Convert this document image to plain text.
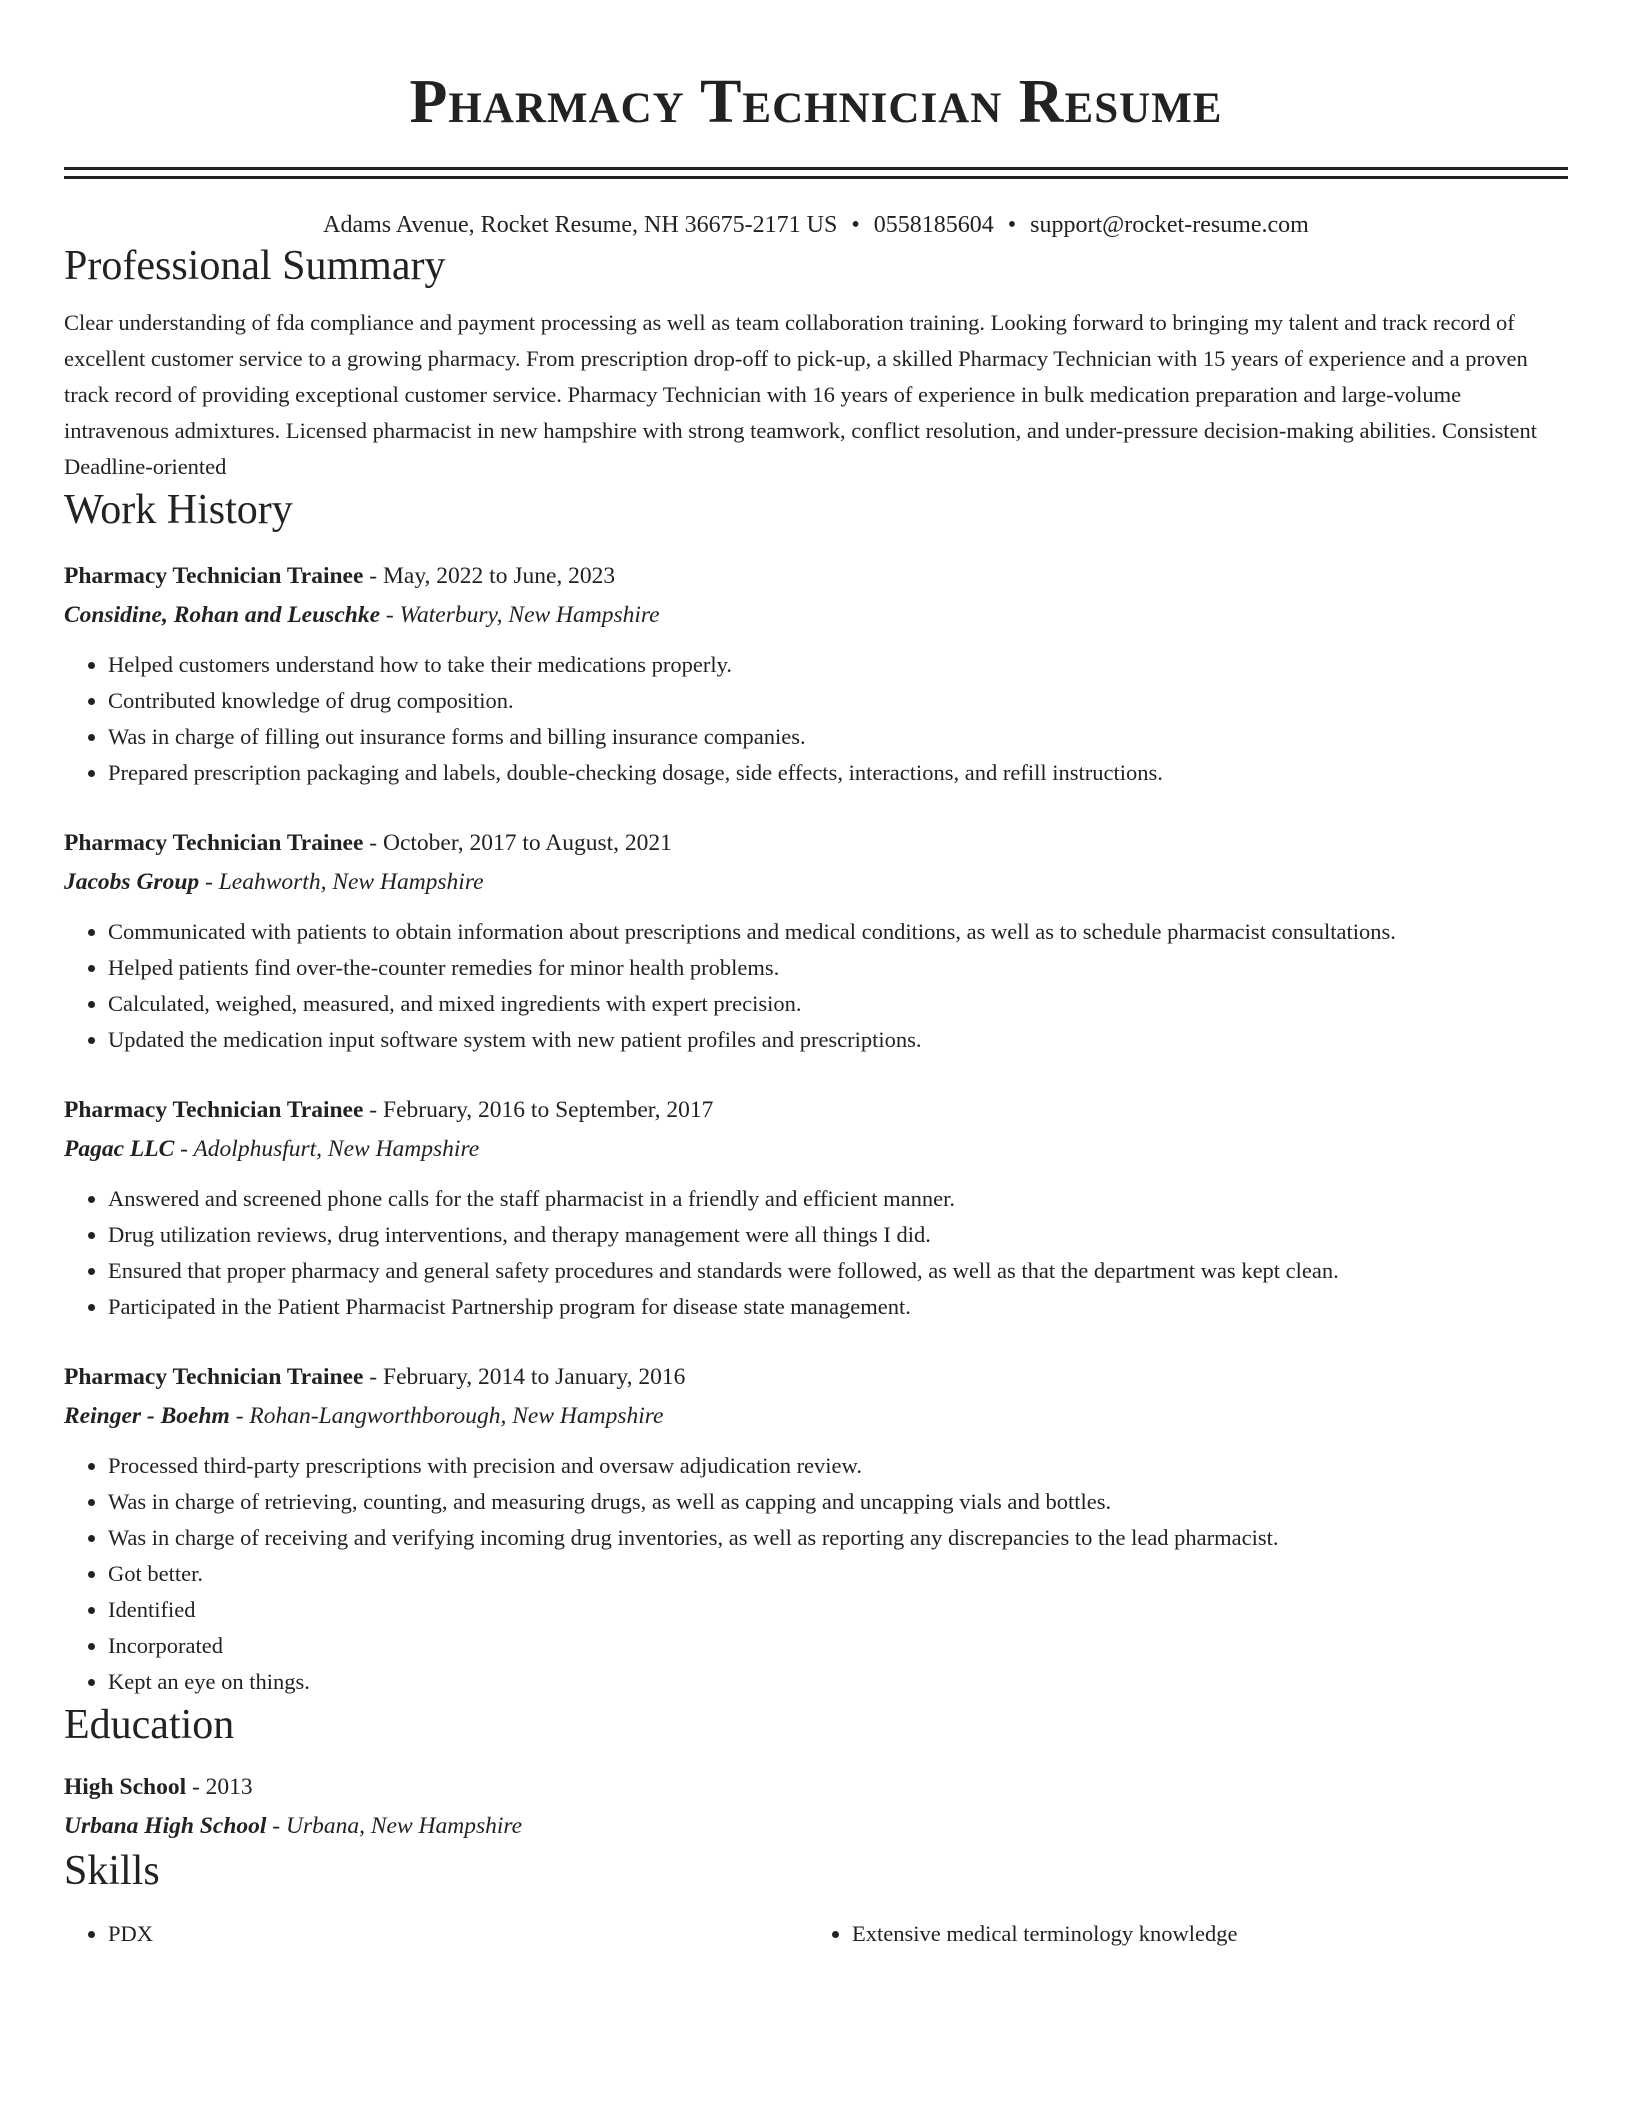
Pharmacy Technician Resume
Adams Avenue, Rocket Resume, NH 36675-2171 US • 0558185604 • support@rocket-resume.com
Professional Summary
Clear understanding of fda compliance and payment processing as well as team collaboration training. Looking forward to bringing my talent and track record of excellent customer service to a growing pharmacy. From prescription drop-off to pick-up, a skilled Pharmacy Technician with 15 years of experience and a proven track record of providing exceptional customer service. Pharmacy Technician with 16 years of experience in bulk medication preparation and large-volume intravenous admixtures. Licensed pharmacist in new hampshire with strong teamwork, conflict resolution, and under-pressure decision-making abilities. Consistent Deadline-oriented
Work History
Pharmacy Technician Trainee - May, 2022 to June, 2023
Considine, Rohan and Leuschke - Waterbury, New Hampshire
• Helped customers understand how to take their medications properly.
• Contributed knowledge of drug composition.
• Was in charge of filling out insurance forms and billing insurance companies.
• Prepared prescription packaging and labels, double-checking dosage, side effects, interactions, and refill instructions.
Pharmacy Technician Trainee - October, 2017 to August, 2021
Jacobs Group - Leahworth, New Hampshire
• Communicated with patients to obtain information about prescriptions and medical conditions, as well as to schedule pharmacist consultations.
• Helped patients find over-the-counter remedies for minor health problems.
• Calculated, weighed, measured, and mixed ingredients with expert precision.
• Updated the medication input software system with new patient profiles and prescriptions.
Pharmacy Technician Trainee - February, 2016 to September, 2017
Pagac LLC - Adolphusfurt, New Hampshire
• Answered and screened phone calls for the staff pharmacist in a friendly and efficient manner.
• Drug utilization reviews, drug interventions, and therapy management were all things I did.
• Ensured that proper pharmacy and general safety procedures and standards were followed, as well as that the department was kept clean.
• Participated in the Patient Pharmacist Partnership program for disease state management.
Pharmacy Technician Trainee - February, 2014 to January, 2016
Reinger - Boehm - Rohan-Langworthborough, New Hampshire
• Processed third-party prescriptions with precision and oversaw adjudication review.
• Was in charge of retrieving, counting, and measuring drugs, as well as capping and uncapping vials and bottles.
• Was in charge of receiving and verifying incoming drug inventories, as well as reporting any discrepancies to the lead pharmacist.
• Got better.
• Identified
• Incorporated
• Kept an eye on things.
Education
High School - 2013
Urbana High School - Urbana, New Hampshire
Skills
• PDX
•	Extensive medical terminology knowledge
